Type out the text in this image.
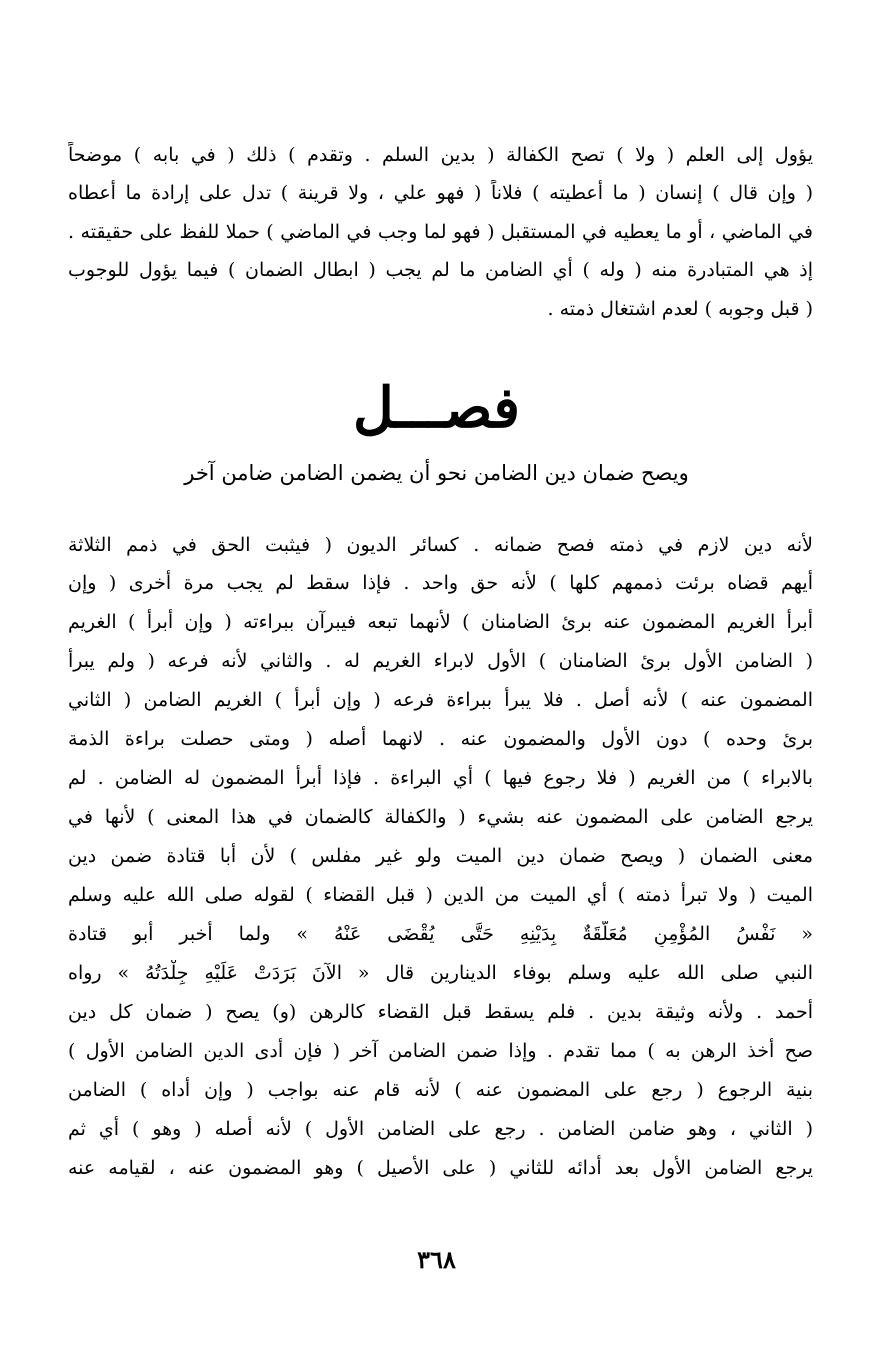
يؤول إلى العلم ( ولا ) تصح الكفالة ( بدين السلم . وتقدم ) ذلك ( في بابه ) موضحاً
( وإن قال ) إنسان ( ما أعطيته ) فلاناً ( فهو علي ، ولا قرينة ) تدل على إرادة ما أعطاه
في الماضي ، أو ما يعطيه في المستقبل ( فهو لما وجب في الماضي ) حملا للفظ على حقيقته .
إذ هي المتبادرة منه ( وله ) أي الضامن ما لم يجب ( ابطال الضمان ) فيما يؤول للوجوب
( قبل وجوبه ) لعدم اشتغال ذمته .
فصـــل
ويصح ضمان دين الضامن نحو أن يضمن الضامن ضامن آخر
لأنه دين لازم في ذمته فصح ضمانه . كسائر الديون ( فيثبت الحق في ذمم الثلاثة
أيهم قضاه برئت ذممهم كلها ) لأنه حق واحد . فإذا سقط لم يجب مرة أخرى ( وإن
أبرأ الغريم المضمون عنه برئ الضامنان ) لأنهما تبعه فيبرآن ببراءته ( وإن أبرأ ) الغريم
( الضامن الأول برئ الضامنان ) الأول لابراء الغريم له . والثاني لأنه فرعه ( ولم يبرأ
المضمون عنه ) لأنه أصل . فلا يبرأ ببراءة فرعه ( وإن أبرأ ) الغريم الضامن ( الثاني
برئ وحده ) دون الأول والمضمون عنه . لانهما أصله ( ومتى حصلت براءة الذمة
بالابراء ) من الغريم ( فلا رجوع فيها ) أي البراءة . فإذا أبرأ المضمون له الضامن . لم
يرجع الضامن على المضمون عنه بشيء ( والكفالة كالضمان في هذا المعنى ) لأنها في
معنى الضمان ( ويصح ضمان دين الميت ولو غير مفلس ) لأن أبا قتادة ضمن دين
الميت ( ولا تبرأ ذمته ) أي الميت من الدين ( قبل القضاء ) لقوله صلى الله عليه وسلم
« نَفْسُ المُؤْمِنِ مُعَلَّقَةٌ بِدَيْنِهِ حَتَّى يُقْضَى عَنْهُ » ولما أخبر أبو قتادة
النبي صلى الله عليه وسلم بوفاء الدينارين قال « الآنَ بَرَدَتْ عَلَيْهِ جِلْدَتُهُ » رواه
أحمد . ولأنه وثيقة بدين . فلم يسقط قبل القضاء كالرهن (و) يصح ( ضمان كل دين
صح أخذ الرهن به ) مما تقدم . وإذا ضمن الضامن آخر ( فإن أدى الدين الضامن الأول )
بنية الرجوع ( رجع على المضمون عنه ) لأنه قام عنه بواجب ( وإن أداه ) الضامن
( الثاني ، وهو ضامن الضامن . رجع على الضامن الأول ) لأنه أصله ( وهو ) أي ثم
يرجع الضامن الأول بعد أدائه للثاني ( على الأصيل ) وهو المضمون عنه ، لقيامه عنه
٣٦٨
